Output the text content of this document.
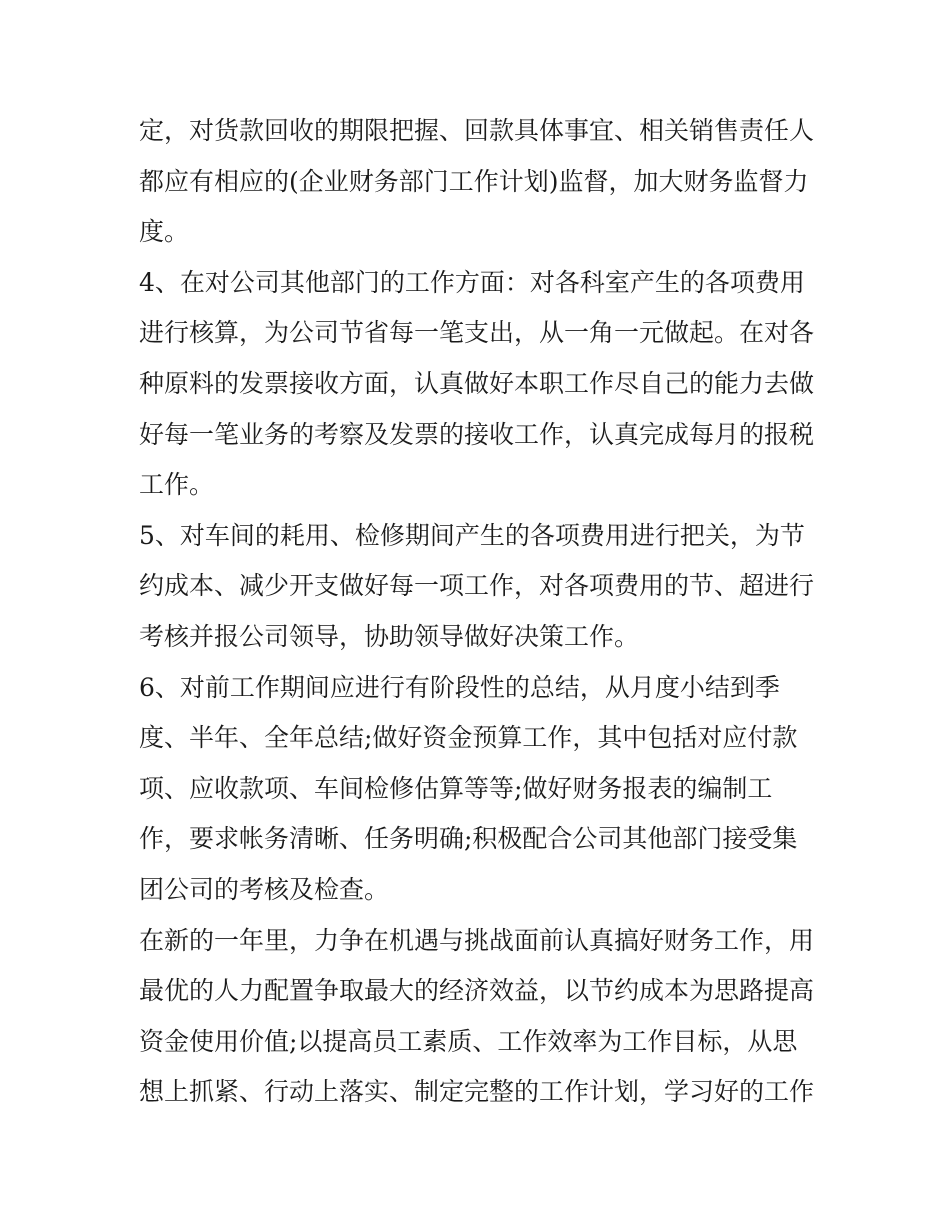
定，对货款回收的期限把握、回款具体事宜、相关销售责任人
都应有相应的(企业财务部门工作计划)监督，加大财务监督力
度。
4、在对公司其他部门的工作方面：对各科室产生的各项费用
进行核算，为公司节省每一笔支出，从一角一元做起。在对各
种原料的发票接收方面，认真做好本职工作尽自己的能力去做
好每一笔业务的考察及发票的接收工作，认真完成每月的报税
工作。
5、对车间的耗用、检修期间产生的各项费用进行把关，为节
约成本、减少开支做好每一项工作，对各项费用的节、超进行
考核并报公司领导，协助领导做好决策工作。
6、对前工作期间应进行有阶段性的总结，从月度小结到季
度、半年、全年总结;做好资金预算工作，其中包括对应付款
项、应收款项、车间检修估算等等;做好财务报表的编制工
作，要求帐务清晰、任务明确;积极配合公司其他部门接受集
团公司的考核及检查。
在新的一年里，力争在机遇与挑战面前认真搞好财务工作，用
最优的人力配置争取最大的经济效益，以节约成本为思路提高
资金使用价值;以提高员工素质、工作效率为工作目标，从思
想上抓紧、行动上落实、制定完整的工作计划，学习好的工作
